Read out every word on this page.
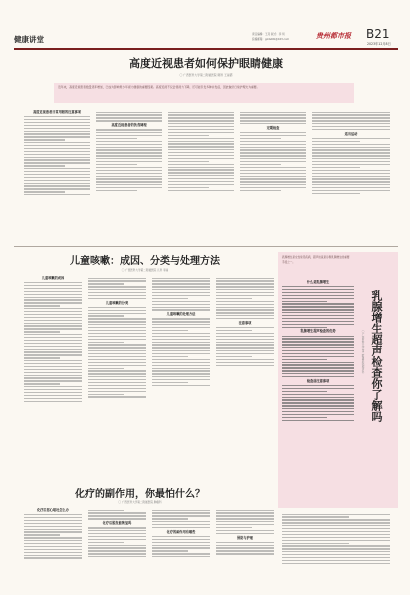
健康讲堂
责任编辑：王丹 版式：李 珂
投稿邮箱：gzdsbtb@163.com	贵州都市报 B21
2023年12月8日
高度近视患者如何保护眼睛健康
〇 广西医科大学第二附属医院 眼科 王丽霞
近年来，高度近视患者数量逐年增加，已成为影响青少年视力健康的重要因素。高度近视不仅会使视力下降，还可能引发多种并发症，因此做好日常护理尤为重要。
高度近视患者日常用眼的注意事项
高度近视患者的饮食调理
定期检查
适当运动
儿童咳嗽：成因、分类与处理方法
〇 广西医科大学第二附属医院 儿科 李丽
儿童咳嗽的成因
儿童咳嗽的分类
儿童咳嗽的处理方法
注意事项
乳腺增生是女性常见疾病，超声检查是诊断乳腺增生的重要手段之一。
乳腺增生超声检查你了解吗
〇 广西医科大学第二附属医院 超声科
什么是乳腺增生
乳腺增生超声检查的优势
检查前注意事项
化疗的副作用，你最怕什么？
〇 广西医科大学第二附属医院 肿瘤科
化疗后恶心呕吐怎么办
化疗后脱发能恢复吗
化疗的副作用有哪些
预防与护理
